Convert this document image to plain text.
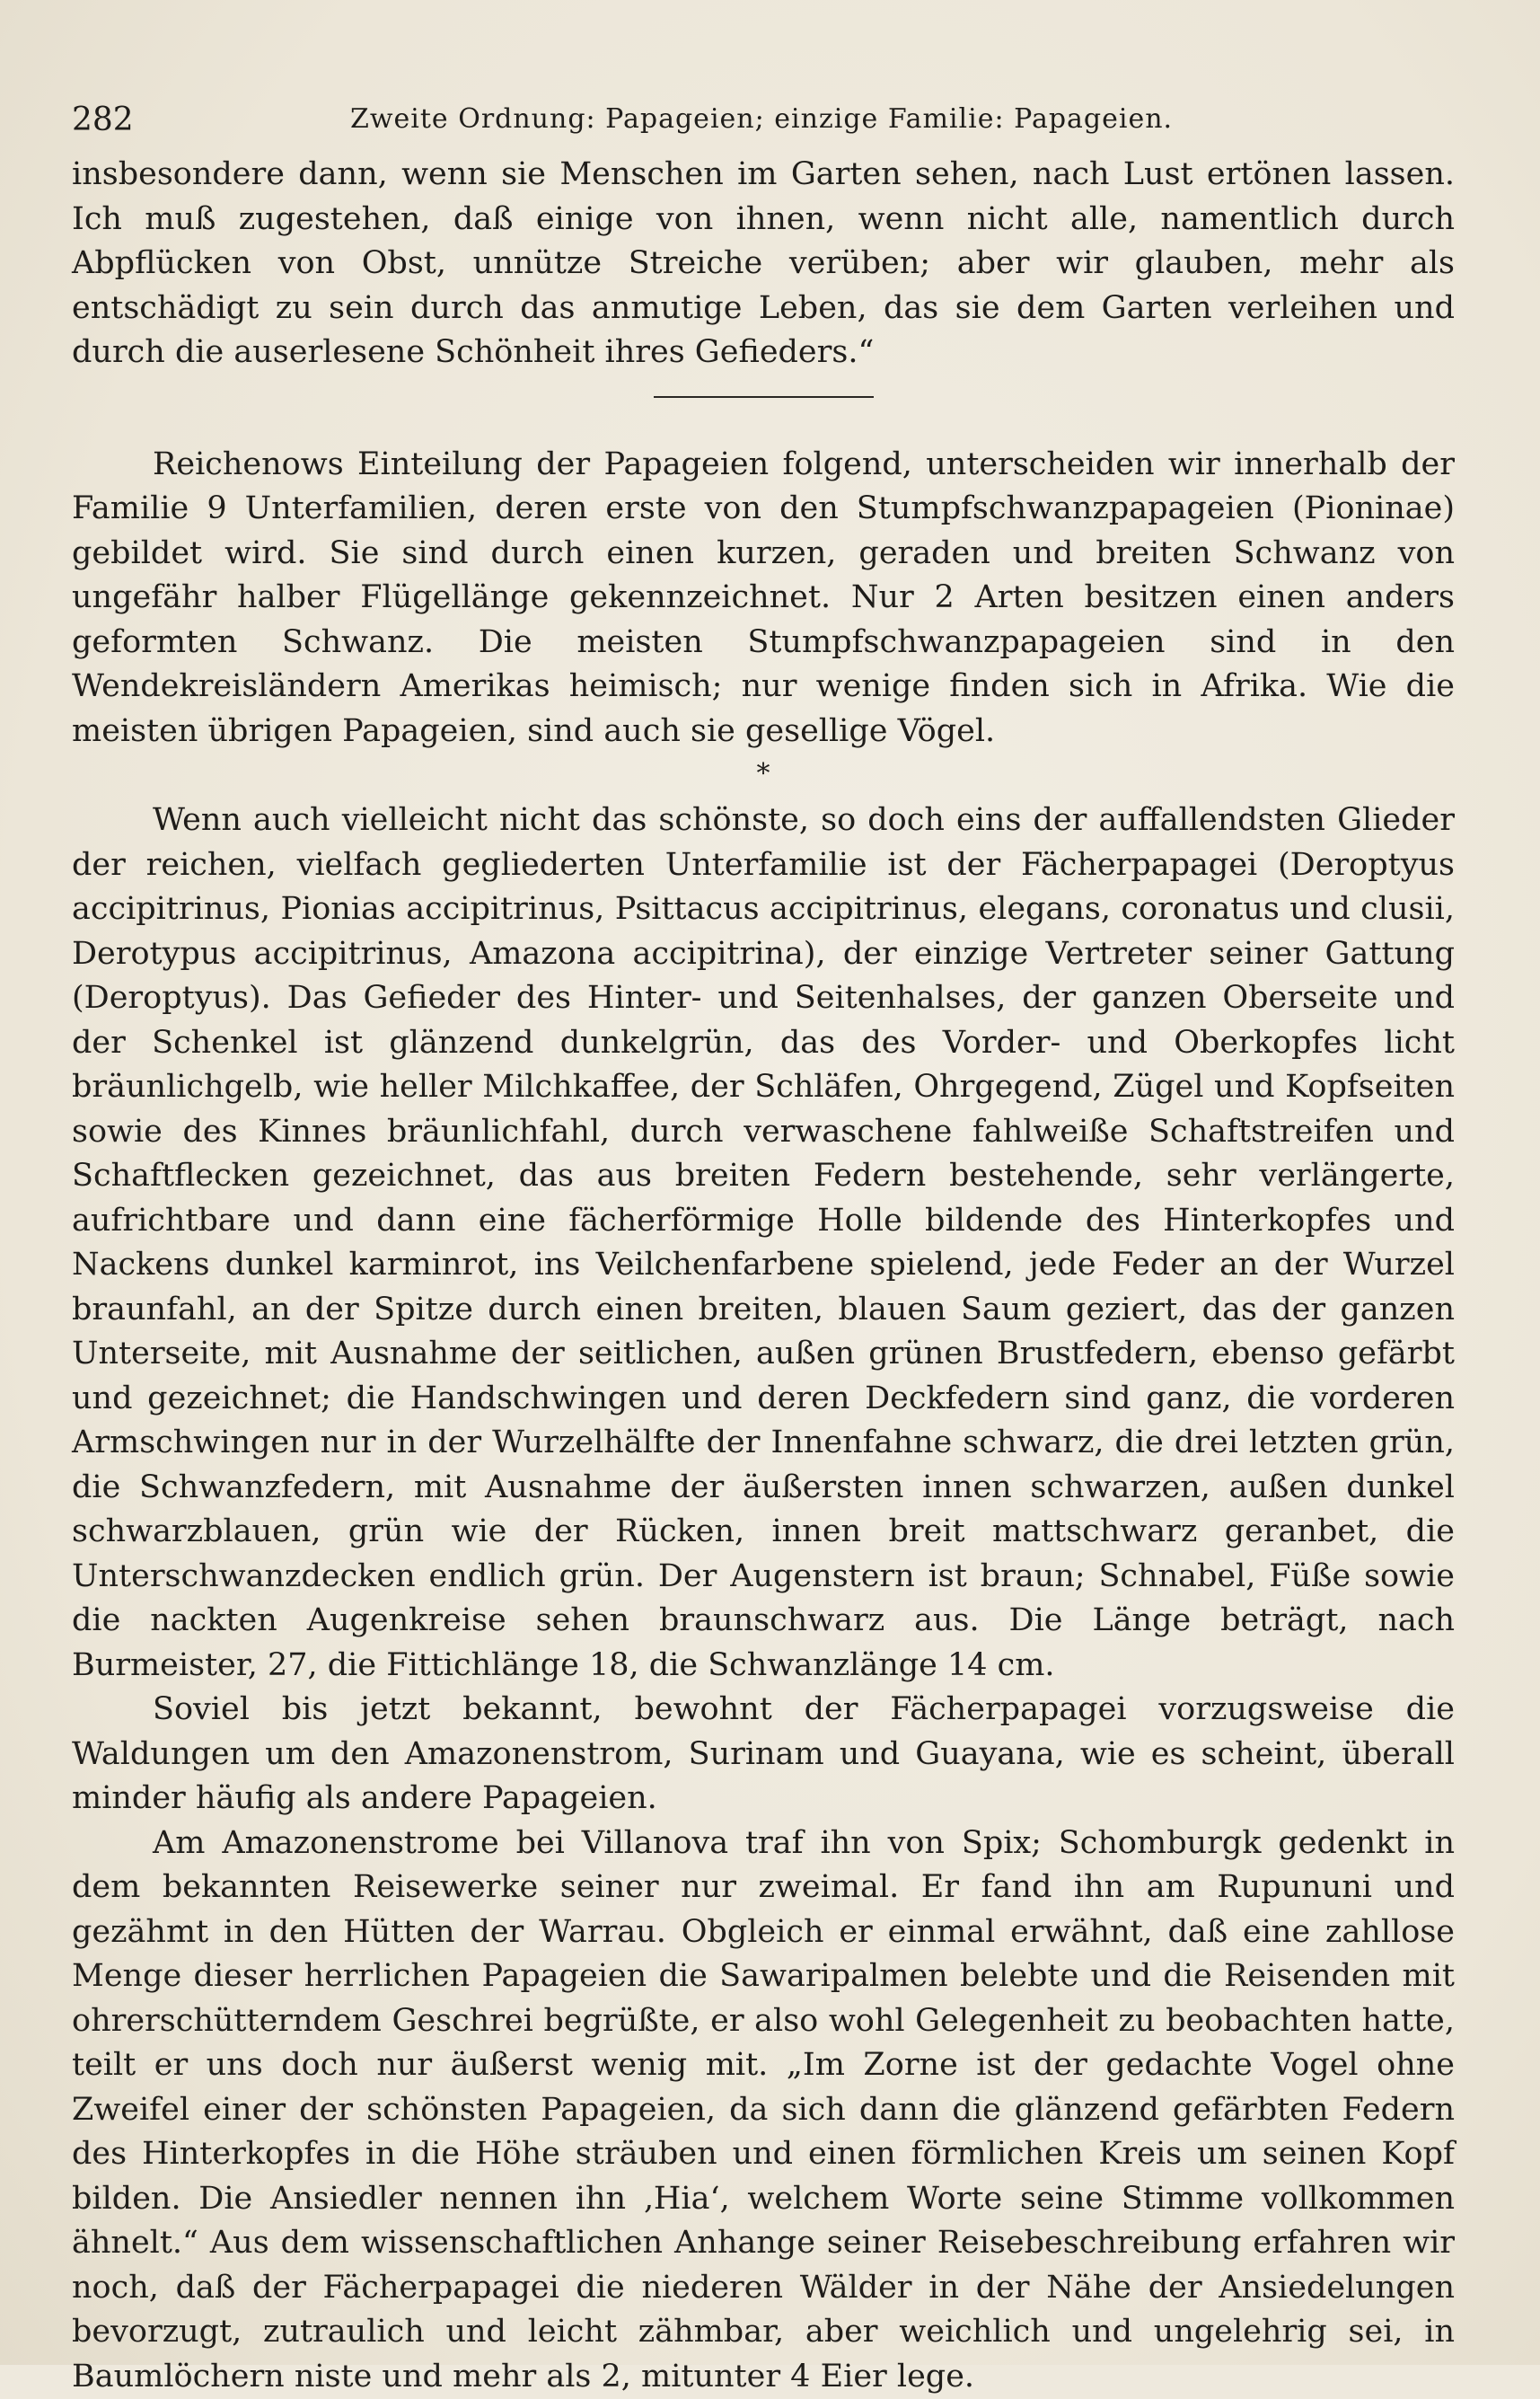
282	Zweite Ordnung: Papageien; einzige Familie: Papageien.

insbesondere dann, wenn sie Menschen im Garten sehen, nach Lust ertönen lassen. Ich muß zugestehen, daß einige von ihnen, wenn nicht alle, namentlich durch Abpflücken von Obst, unnütze Streiche verüben; aber wir glauben, mehr als entschädigt zu sein durch das anmutige Leben, das sie dem Garten verleihen und durch die auserlesene Schönheit ihres Gefieders.“

Reichenows Einteilung der Papageien folgend, unterscheiden wir innerhalb der Familie 9 Unterfamilien, deren erste von den Stumpfschwanzpapageien (Pioninae) gebildet wird. Sie sind durch einen kurzen, geraden und breiten Schwanz von ungefähr halber Flügellänge gekennzeichnet. Nur 2 Arten besitzen einen anders geformten Schwanz. Die meisten Stumpfschwanzpapageien sind in den Wendekreisländern Amerikas heimisch; nur wenige finden sich in Afrika. Wie die meisten übrigen Papageien, sind auch sie gesellige Vögel.

*

Wenn auch vielleicht nicht das schönste, so doch eins der auffallendsten Glieder der reichen, vielfach gegliederten Unterfamilie ist der Fächerpapagei (Deroptyus accipitrinus, Pionias accipitrinus, Psittacus accipitrinus, elegans, coronatus und clusii, Derotypus accipitrinus, Amazona accipitrina), der einzige Vertreter seiner Gattung (Deroptyus). Das Gefieder des Hinter- und Seitenhalses, der ganzen Oberseite und der Schenkel ist glänzend dunkelgrün, das des Vorder- und Oberkopfes licht bräunlichgelb, wie heller Milchkaffee, der Schläfen, Ohrgegend, Zügel und Kopfseiten sowie des Kinnes bräunlichfahl, durch verwaschene fahlweiße Schaftstreifen und Schaftflecken gezeichnet, das aus breiten Federn bestehende, sehr verlängerte, aufrichtbare und dann eine fächerförmige Holle bildende des Hinterkopfes und Nackens dunkel karminrot, ins Veilchenfarbene spielend, jede Feder an der Wurzel braunfahl, an der Spitze durch einen breiten, blauen Saum geziert, das der ganzen Unterseite, mit Ausnahme der seitlichen, außen grünen Brustfedern, ebenso gefärbt und gezeichnet; die Handschwingen und deren Deckfedern sind ganz, die vorderen Armschwingen nur in der Wurzelhälfte der Innenfahne schwarz, die drei letzten grün, die Schwanzfedern, mit Ausnahme der äußersten innen schwarzen, außen dunkel schwarzblauen, grün wie der Rücken, innen breit mattschwarz geranbet, die Unterschwanzdecken endlich grün. Der Augenstern ist braun; Schnabel, Füße sowie die nackten Augenkreise sehen braunschwarz aus. Die Länge beträgt, nach Burmeister, 27, die Fittichlänge 18, die Schwanzlänge 14 cm.

Soviel bis jetzt bekannt, bewohnt der Fächerpapagei vorzugsweise die Waldungen um den Amazonenstrom, Surinam und Guayana, wie es scheint, überall minder häufig als andere Papageien.

Am Amazonenstrome bei Villanova traf ihn von Spix; Schomburgk gedenkt in dem bekannten Reisewerke seiner nur zweimal. Er fand ihn am Rupununi und gezähmt in den Hütten der Warrau. Obgleich er einmal erwähnt, daß eine zahllose Menge dieser herrlichen Papageien die Sawaripalmen belebte und die Reisenden mit ohrerschütterndem Geschrei begrüßte, er also wohl Gelegenheit zu beobachten hatte, teilt er uns doch nur äußerst wenig mit. „Im Zorne ist der gedachte Vogel ohne Zweifel einer der schönsten Papageien, da sich dann die glänzend gefärbten Federn des Hinterkopfes in die Höhe sträuben und einen förmlichen Kreis um seinen Kopf bilden. Die Ansiedler nennen ihn ‚Hia‘, welchem Worte seine Stimme vollkommen ähnelt.“ Aus dem wissenschaftlichen Anhange seiner Reisebeschreibung erfahren wir noch, daß der Fächerpapagei die niederen Wälder in der Nähe der Ansiedelungen bevorzugt, zutraulich und leicht zähmbar, aber weichlich und ungelehrig sei, in Baumlöchern niste und mehr als 2, mitunter 4 Eier lege.
